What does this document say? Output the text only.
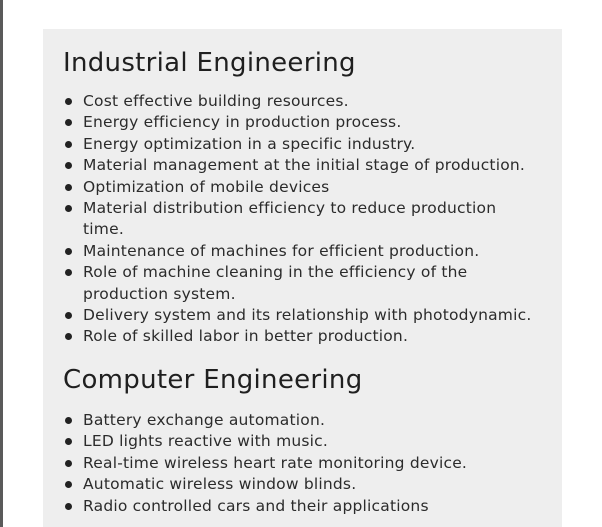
Industrial Engineering
Cost effective building resources.
Energy efficiency in production process.
Energy optimization in a specific industry.
Material management at the initial stage of production.
Optimization of mobile devices
Material distribution efficiency to reduce production time.
Maintenance of machines for efficient production.
Role of machine cleaning in the efficiency of the production system.
Delivery system and its relationship with photodynamic.
Role of skilled labor in better production.
Computer Engineering
Battery exchange automation.
LED lights reactive with music.
Real-time wireless heart rate monitoring device.
Automatic wireless window blinds.
Radio controlled cars and their applications
